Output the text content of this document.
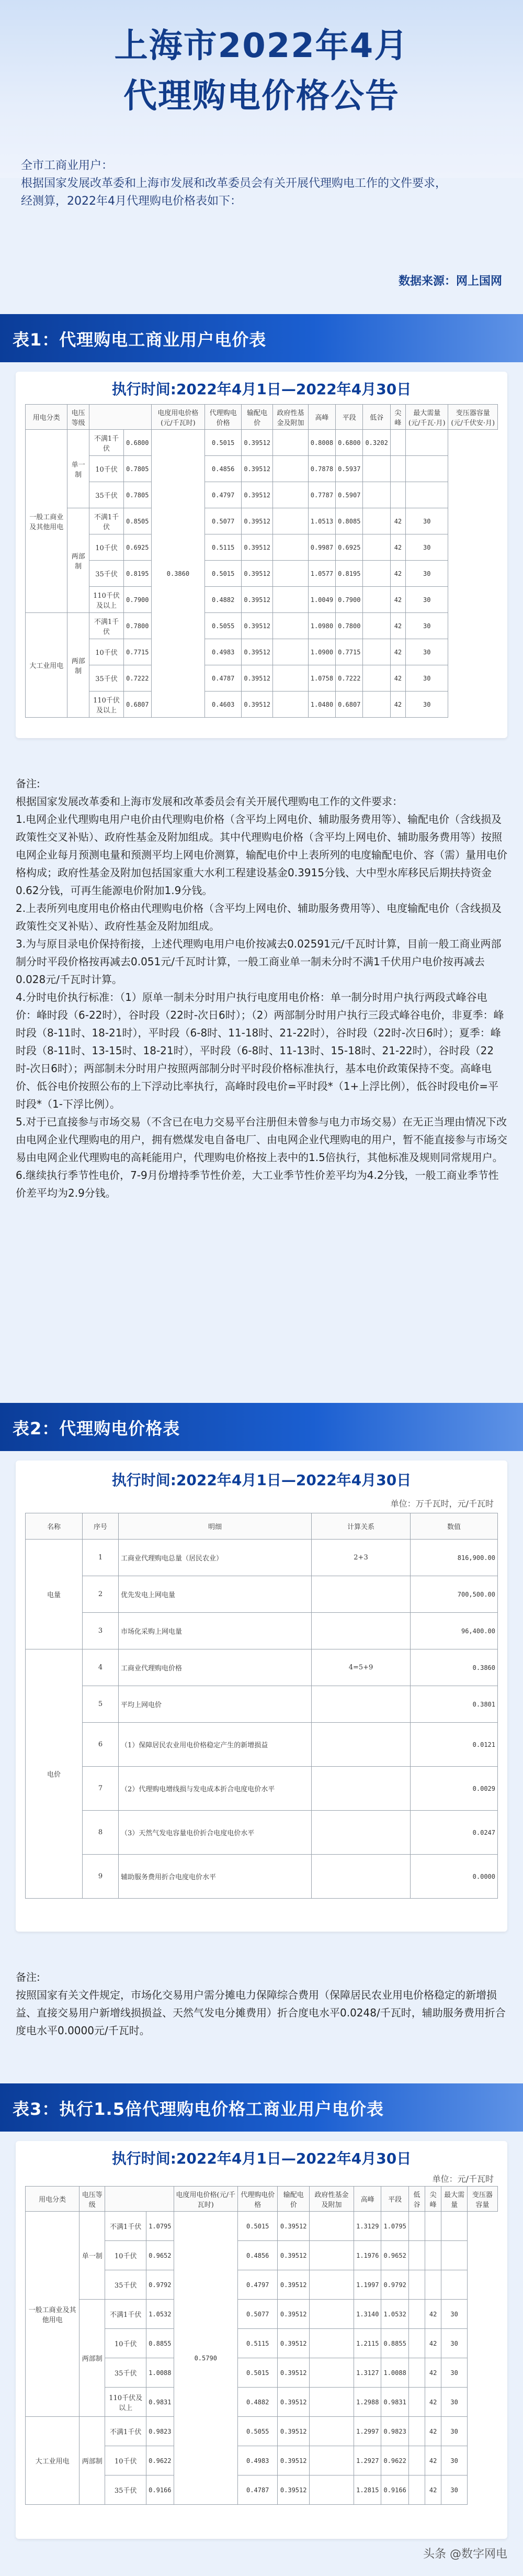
上海市2022年4月
代理购电价格公告
全市工商业用户：
根据国家发展改革委和上海市发展和改革委员会有关开展代理购电工作的文件要求，
经测算，2022年4月代理购电价格表如下：
数据来源：网上国网
表1：代理购电工商业用户电价表
执行时间:2022年4月1日—2022年4月30日
用电分类	电压等级			电度用电价格(元/千瓦时)	代理购电价格	输配电价	政府性基金及附加	高峰	平段	低谷	尖峰	最大需量(元/千瓦·月)	变压器容量(元/千伏安·月)
一般工商业及其他用电	单一制	不满1千伏	0.6800	0.3860	0.5015	0.39512		0.8008	0.6800	0.3202			
		10千伏	0.7805		0.4856	0.39512		0.7878	0.5937				
		35千伏	0.7805		0.4797	0.39512		0.7787	0.5907				
	两部制	不满1千伏	0.8505		0.5077	0.39512		1.0513	0.8085		42	30	
		10千伏	0.6925		0.5115	0.39512		0.9987	0.6925		42	30	
		35千伏	0.8195		0.5015	0.39512		1.0577	0.8195		42	30	
		110千伏及以上	0.7900		0.4882	0.39512		1.0049	0.7900		42	30	
大工业用电	两部制	不满1千伏	0.7800		0.5055	0.39512		1.0980	0.7800		42	30	
		10千伏	0.7715		0.4983	0.39512		1.0900	0.7715		42	30	
		35千伏	0.7222		0.4787	0.39512		1.0758	0.7222		42	30	
		110千伏及以上	0.6807		0.4603	0.39512		1.0480	0.6807		42	30	

备注:

根据国家发展改革委和上海市发展和改革委员会有关开展代理购电工作的文件要求：

1.电网企业代理购电用户电价由代理购电价格（含平均上网电价、辅助服务费用等）、输配电价（含线损及政策性交叉补贴）、政府性基金及附加组成。其中代理购电价格（含平均上网电价、辅助服务费用等）按照电网企业每月预测电量和预测平均上网电价测算，输配电价中上表所列的电度输配电价、容（需）量用电价格构成；政府性基金及附加包括国家重大水利工程建设基金0.3915分钱、大中型水库移民后期扶持资金0.62分钱，可再生能源电价附加1.9分钱。

2.上表所列电度用电价格由代理购电价格（含平均上网电价、辅助服务费用等）、电度输配电价（含线损及政策性交叉补贴）、政府性基金及附加组成。

3.为与原目录电价保持衔接，上述代理购电用户电价按减去0.02591元/千瓦时计算，目前一般工商业两部制分时平段价格按再减去0.051元/千瓦时计算，一般工商业单一制未分时不满1千伏用户电价按再减去0.028元/千瓦时计算。

4.分时电价执行标准：（1）原单一制未分时用户执行电度用电价格：单一制分时用户执行两段式峰谷电价：峰时段（6-22时），谷时段（22时-次日6时）；（2）两部制分时用户执行三段式峰谷电价，非夏季：峰时段（8-11时、18-21时），平时段（6-8时、11-18时、21-22时），谷时段（22时-次日6时）；夏季：峰时段（8-11时、13-15时、18-21时），平时段（6-8时、11-13时、15-18时、21-22时），谷时段（22时-次日6时）；两部制未分时用户按照两部制分时平时段价格标准执行，基本电价政策保持不变。高峰电价、低谷电价按照公布的上下浮动比率执行，高峰时段电价=平时段*（1+上浮比例），低谷时段电价=平时段*（1-下浮比例）。

5.对于已直接参与市场交易（不含已在电力交易平台注册但未曾参与电力市场交易）在无正当理由情况下改由电网企业代理购电的用户，拥有燃煤发电自备电厂、由电网企业代理购电的用户，暂不能直接参与市场交易由电网企业代理购电的高耗能用户，代理购电价格按上表中的1.5倍执行，其他标准及规则同常规用户。

6.继续执行季节性电价，7-9月份增持季节性价差，大工业季节性价差平均为4.2分钱，一般工商业季节性价差平均为2.9分钱。

表2：代理购电价格表
执行时间:2022年4月1日—2022年4月30日
单位：万千瓦时，元/千瓦时
名称	序号	明细	计算关系	数值
电量	1	工商业代理购电总量（居民农业）	2+3	816,900.00
	2	优先发电上网电量		700,500.00
	3	市场化采购上网电量		96,400.00
电价	4	工商业代理购电价格	4=5+9	0.3860
	5	平均上网电价		0.3801
	6	（1）保障居民农业用电价格稳定产生的新增损益		0.0121
	7	（2）代理购电增线损与发电成本折合电度电价水平		0.0029
	8	（3）天然气发电容量电价折合电度电价水平		0.0247
	9	辅助服务费用折合电度电价水平		0.0000

备注:

按照国家有关文件规定，市场化交易用户需分摊电力保障综合费用（保障居民农业用电价格稳定的新增损益、直接交易用户新增线损损益、天然气发电分摊费用）折合度电水平0.0248/千瓦时，辅助服务费用折合度电水平0.0000元/千瓦时。

表3：执行1.5倍代理购电价格工商业用户电价表
执行时间:2022年4月1日—2022年4月30日
单位：元/千瓦时
用电分类	电压等级			电度用电价格(元/千瓦时)	代理购电价格	输配电价	政府性基金及附加	高峰	平段	低谷	尖峰	最大需量	变压器容量
一般工商业及其他用电	单一制	不满1千伏	1.0795	0.5790	0.5015	0.39512		1.3129	1.0795				
		10千伏	0.9652		0.4856	0.39512		1.1976	0.9652				
		35千伏	0.9792		0.4797	0.39512		1.1997	0.9792				
	两部制	不满1千伏	1.0532		0.5077	0.39512		1.3140	1.0532		42	30	
		10千伏	0.8855		0.5115	0.39512		1.2115	0.8855		42	30	
		35千伏	1.0088		0.5015	0.39512		1.3127	1.0088		42	30	
		110千伏及以上	0.9831		0.4882	0.39512		1.2988	0.9831		42	30	
大工业用电	两部制	不满1千伏	0.9823		0.5055	0.39512		1.2997	0.9823		42	30	
		10千伏	0.9622		0.4983	0.39512		1.2927	0.9622		42	30	
		35千伏	0.9166		0.4787	0.39512		1.2815	0.9166		42	30	
头条 @数字网电
